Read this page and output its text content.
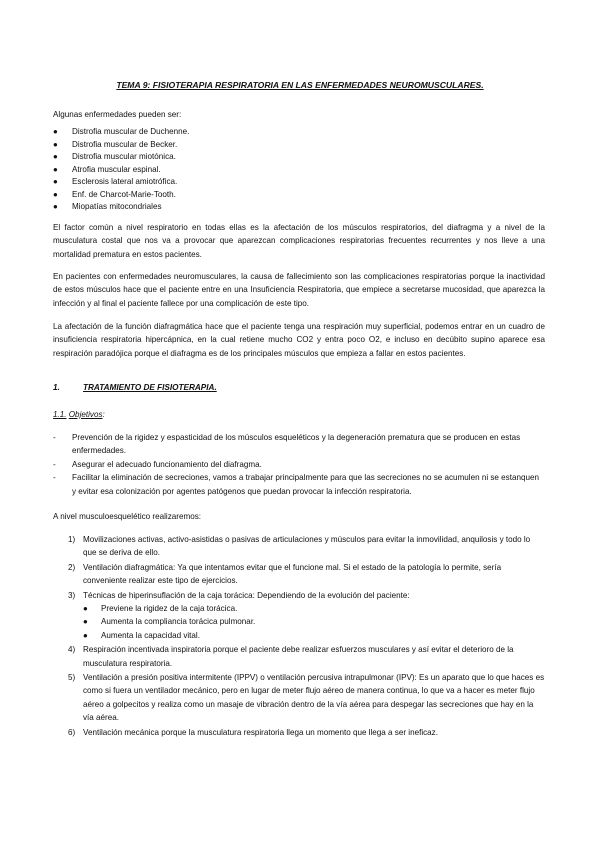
TEMA 9: FISIOTERAPIA RESPIRATORIA EN LAS ENFERMEDADES NEUROMUSCULARES.
Algunas enfermedades pueden ser:
● Distrofia muscular de Duchenne.
● Distrofia muscular de Becker.
● Distrofia muscular miotónica.
● Atrofia muscular espinal.
● Esclerosis lateral amiotrófica.
● Enf. de Charcot-Marie-Tooth.
● Miopatías mitocondriales
El factor común a nivel respiratorio en todas ellas es la afectación de los músculos respiratorios, del diafragma y a nivel de la musculatura costal que nos va a provocar que aparezcan complicaciones respiratorias frecuentes recurrentes y nos lleve a una mortalidad prematura en estos pacientes.
En pacientes con enfermedades neuromusculares, la causa de fallecimiento son las complicaciones respiratorias porque la inactividad de estos músculos hace que el paciente entre en una Insuficiencia Respiratoria, que empiece a secretarse mucosidad, que aparezca la infección y al final el paciente fallece por una complicación de este tipo.
La afectación de la función diafragmática hace que el paciente tenga una respiración muy superficial, podemos entrar en un cuadro de insuficiencia respiratoria hipercápnica, en la cual retiene mucho CO2 y entra poco O2, e incluso en decúbito supino aparece esa respiración paradójica porque el diafragma es de los principales músculos que empieza a fallar en estos pacientes.
1.	TRATAMIENTO DE FISIOTERAPIA.
1.1. Objetivos:
- Prevención de la rigidez y espasticidad de los músculos esqueléticos y la degeneración prematura que se producen en estas enfermedades.
- Asegurar el adecuado funcionamiento del diafragma.
- Facilitar la eliminación de secreciones, vamos a trabajar principalmente para que las secreciones no se acumulen ni se estanquen y evitar esa colonización por agentes patógenos que puedan provocar la infección respiratoria.
A nivel musculoesquelético realizaremos:
1) Movilizaciones activas, activo-asistidas o pasivas de articulaciones y músculos para evitar la inmovilidad, anquilosis y todo lo que se deriva de ello.
2) Ventilación diafragmática: Ya que intentamos evitar que el funcione mal. Si el estado de la patología lo permite, sería conveniente realizar este tipo de ejercicios.
3) Técnicas de hiperinsuflación de la caja torácica: Dependiendo de la evolución del paciente:
● Previene la rigidez de la caja torácica.
● Aumenta la compliancia torácica pulmonar.
● Aumenta la capacidad vital.
4) Respiración incentivada inspiratoria porque el paciente debe realizar esfuerzos musculares y así evitar el deterioro de la musculatura respiratoria.
5) Ventilación a presión positiva intermitente (IPPV) o ventilación percusiva intrapulmonar (IPV): Es un aparato que lo que haces es como si fuera un ventilador mecánico, pero en lugar de meter flujo aéreo de manera continua, lo que va a hacer es meter flujo aéreo a golpecitos y realiza como un masaje de vibración dentro de la vía aérea para despegar las secreciones que hay en la vía aérea.
6) Ventilación mecánica porque la musculatura respiratoria llega un momento que llega a ser ineficaz.
